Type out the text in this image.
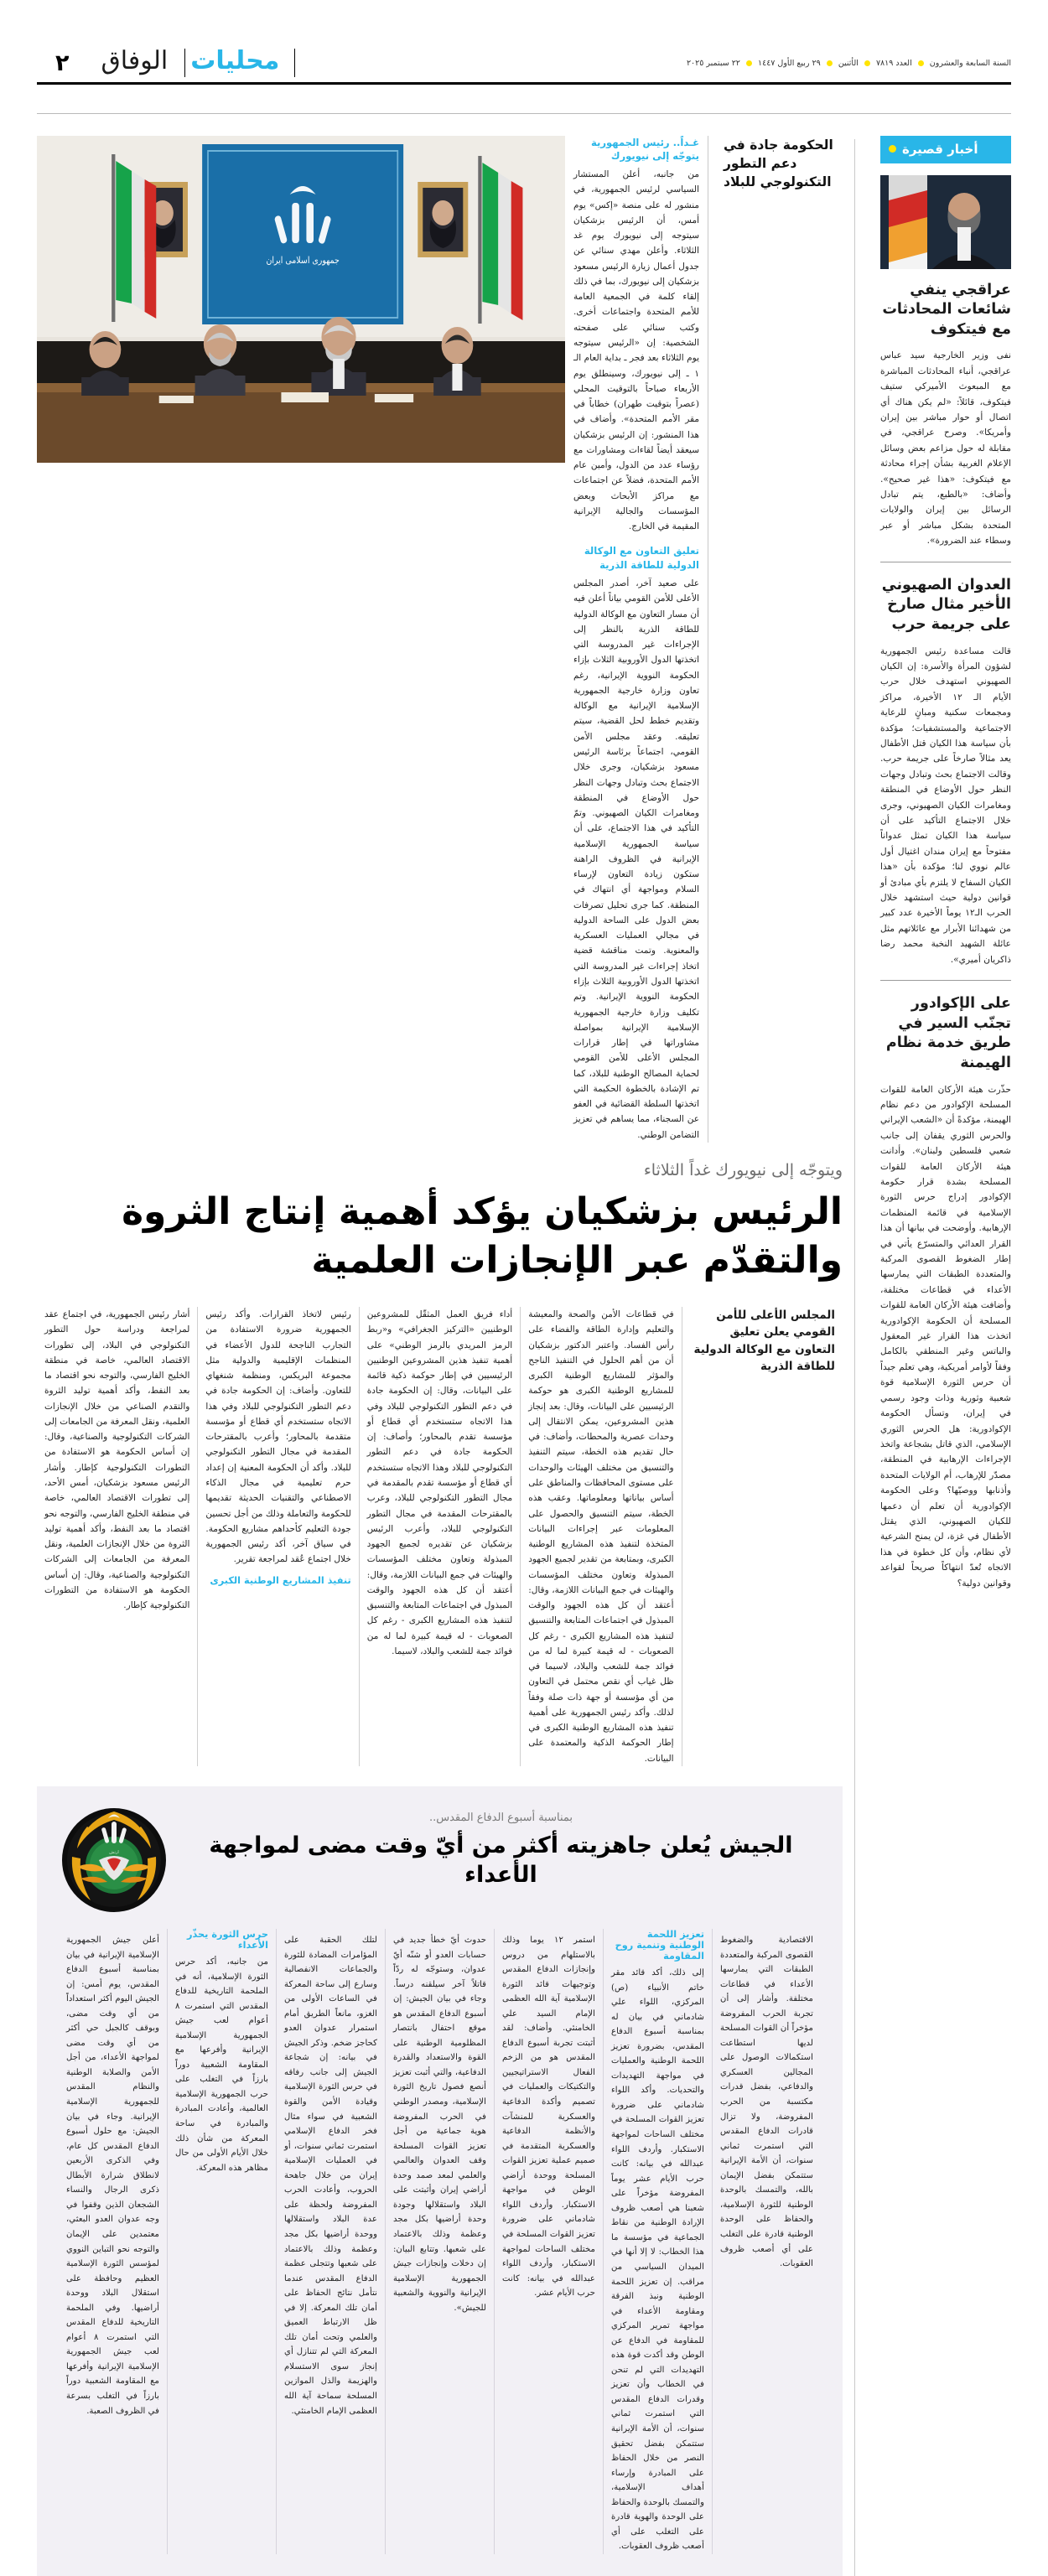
السنة السابعة والعشرون  العدد ٧٨١٩  الأثنين  ٢٩ ربيع الأول ١٤٤٧  ٢٢ سبتمبر ٢٠٢٥
محليات
الوفاق
٢
أخبار قصيرة
عراقجي ينفي شائعات المحادثات مع فيتكوف
نفى وزير الخارجية سيد عباس عراقجي، أنباء المحادثات المباشرة مع المبعوث الأميركي ستيف فيتكوف، قائلاً: «لم يكن هناك أي اتصال أو حوار مباشر بين إيران وأمريكا». وصرح عراقجي، في مقابلة له حول مزاعم بعض وسائل الإعلام الغربية بشأن إجراء محادثة مع فيتكوف: «هذا غير صحيح». وأضاف: «بالطبع، يتم تبادل الرسائل بين إيران والولايات المتحدة بشكل مباشر أو عبر وسطاء عند الضرورة».
العدوان الصهيوني الأخير مثال صارخ على جريمة حرب
قالت مساعدة رئيس الجمهورية لشؤون المرأة والأسرة: إن الكيان الصهيوني استهدف خلال حرب الأيام الـ ١٢ الأخيرة، مراكز ومجمعات سكنية ومبانٍ للرعاية الاجتماعية والمستشفيات؛ مؤكدة بأن سياسة هذا الكيان قتل الأطفال يعد مثالاً صارخاً على جريمة حرب. وقالت الاجتماع بحث وتبادل وجهات النظر حول الأوضاع في المنطقة ومغامرات الكيان الصهيوني، وجرى خلال الاجتماع التأكيد على أن سياسة هذا الكيان تمثل عدواناً مفتوحاً مع إيران مندان اغتيال أول عالم نووي لنا؛ مؤكدة بأن «هذا الكيان السفاح لا يلتزم بأي مبادئ أو قوانين دولية حيث استشهد خلال الحرب الـ١٢ يوماً الأخيرة عدد كبير من شهدائنا الأبرار مع عائلاتهم مثل عائلة الشهيد النخبة محمد رضا ذاكريان أميري».
على الإكوادور تجنّب السير في طريق خدمة نظام الهيمنة
حذّرت هيئة الأركان العامة للقوات المسلحة الإكوادور من دعم نظام الهيمنة، مؤكدةً أن «الشعب الإيراني والحرس الثوري يقفان إلى جانب شعبي فلسطين ولبنان». وأدانت هيئة الأركان العامة للقوات المسلحة بشدة قرار حكومة الإكوادور إدراج حرس الثورة الإسلامية في قائمة المنظمات الإرهابية. وأوضحت في بيانها أن هذا القرار العدائي والمتسرّع يأتي في إطار الضغوط القصوى المركبة والمتعددة الطبقات التي يمارسها الأعداء في قطاعات مختلفة، وأضافت هيئة الأركان العامة للقوات المسلحة أن الحكومة الإكوادورية اتخذت هذا القرار غير المعقول والباتس وغير المنطقي بالكامل وفقاً لأوامر أمريكية، وهي تعلم جيداً أن حرس الثورة الإسلامية قوة شعبية وثورية وذات وجود رسمي في إيران، وتسأل الحكومة الإكوادورية: هل الحرس الثوري الإسلامي، الذي قاتل بشجاعة واتخذ الإجراءات الإرهابية في المنطقة، مصدّر للإرهاب، أم الولايات المتحدة وأذنابها ووصيّها؟ وعلى الحكومة الإكوادورية أن تعلم أن دعمها للكيان الصهيوني، الذي يقتل الأطفال في غزة، لن يمنح الشرعية لأي نظام، وأن كل خطوة في هذا الاتجاه تُعدّ انتهاكاً صريحاً لقواعد وقوانين دولية؟
الحكومة جادة في دعم التطور التكنولوجي للبلاد
غـداً.. رئيس الجمهورية يتوجّه إلى نيويورك
من جانبه، أعلن المستشار السياسي لرئيس الجمهورية، في منشور له على منصة «إكس» يوم أمس، أن الرئيس بزشكيان سيتوجه إلى نيويورك يوم غد الثلاثاء. وأعلن مهدي سنائي عن جدول أعمال زيارة الرئيس مسعود بزشكيان إلى نيويورك، بما في ذلك إلقاء كلمة في الجمعية العامة للأمم المتحدة واجتماعات أخرى. وكتب سنائي على صفحته الشخصية: إن «الرئيس سيتوجه يوم الثلاثاء بعد فجر ـ بداية العام الـ ١ ـ إلى نيويورك، وسينطلق يوم الأربعاء صباحاً بالتوقيت المحلي (عصراً بتوقيت طهران) خطاباً في مقر الأمم المتحدة». وأضاف في هذا المنشور: إن الرئيس بزشكيان سيعقد أيضاً لقاءات ومشاورات مع رؤساء عدد من الدول، وأمين عام الأمم المتحدة، فضلاً عن اجتماعات مع مراكز الأبحاث وبعض المؤسسات والجالية الإيرانية المقيمة في الخارج.
تعليق التعاون مع الوكالة الدولية للطاقة الذرية
على صعيد آخر، أصدر المجلس الأعلى للأمن القومي بياناً أعلن فيه أن مسار التعاون مع الوكالة الدولية للطاقة الذرية بالنظر إلى الإجراءات غير المدروسة التي اتخذتها الدول الأوروبية الثلاث بإزاء الحكومة النووية الإيرانية، رغم تعاون وزارة خارجية الجمهورية الإسلامية الإيرانية مع الوكالة وتقديم خطط لحل القضية، سيتم تعليقه. وعقد مجلس الأمن القومي، اجتماعاً برئاسة الرئيس مسعود بزشكيان، وجرى خلال الاجتماع بحث وتبادل وجهات النظر حول الأوضاع في المنطقة ومغامرات الكيان الصهيوني. وتمّ التأكيد في هذا الاجتماع، على أن سياسة الجمهورية الإسلامية الإيرانية في الظروف الراهنة ستكون زيادة التعاون لإرساء السلام ومواجهة أي انتهاك في المنطقة. كما جرى تحليل تصرفات بعض الدول على الساحة الدولية في مجالي العمليات العسكرية والمعنوية. وتمت مناقشة قضية اتخاذ إجراءات غير المدروسة التي اتخذتها الدول الأوروبية الثلاث بإزاء الحكومة النووية الإيرانية. وتم تكليف وزارة خارجية الجمهورية الإسلامية الإيرانية بمواصلة مشاوراتها في إطار قرارات المجلس الأعلى للأمن القومي لحماية المصالح الوطنية للبلاد، كما تم الإشادة بالخطوة الحكيمة التي اتخذتها السلطة القضائية في العفو عن السجناء، مما يساهم في تعزيز التضامن الوطني.
جمهوری اسلامی ایران
ويتوجّه إلى نيويورك غداً الثلاثاء
الرئيس بزشكيان يؤكد أهمية إنتاج الثروة والتقدّم عبر الإنجازات العلمية
المجلس الأعلى للأمن القومي يعلن تعليق التعاون مع الوكالة الدولية للطاقة الذرية
في قطاعات الأمن والصحة والمعيشة والتعليم وإدارة الطاقة والفضاء على رأس الفساد. واعتبر الدكتور بزشكيان أن من أهم الحلول في التنفيذ الناجح والمؤثر للمشاريع الوطنية الكبرى للمشاريع الوطنية الكبرى هو حوكمة الرئيسيين على البيانات، وقال: بعد إنجاز هذين المشروعين، يمكن الانتقال إلى وحدات عصرية والمحطات، وأضاف: في حال تقديم هذه الخطة، سيتم التنفيذ والتنسيق من مختلف الهيئات والوحدات على مستوى المحافظات والمناطق على أساس بياناتها ومعلوماتها. وعقب هذه الخطة، سيتم التنسيق والحصول على المعلومات عبر إجراءات البيانات المتخذة لتنفيذ هذه المشاريع الوطنية الكبرى، وبمتابعة من تقدير لجميع الجهود المبذولة وتعاون مختلف المؤسسات والهيئات في جمع البيانات اللازمة، وقال: أعتقد أن كل هذه الجهود والوقت المبذول في اجتماعات المتابعة والتنسيق لتنفيذ هذه المشاريع الكبرى - رغم كل الصعوبات - له قيمة كبيرة لما له من فوائد جمة للشعب والبلاد، لاسيما في ظل غياب أي نقص محتمل في التعاون من أي مؤسسة أو جهة ذات صلة وفقاً لذلك. وأكد رئيس الجمهورية على أهمية تنفيذ هذه المشاريع الوطنية الكبرى في إطار الحوكمة الذكية والمعتمدة على البيانات.
أداء فريق العمل المثقّل للمشروعين الوطنيين «التركيز الجغرافي» و«ربط الرمز المريدي بالرمز الوطني» على أهمية تنفيذ هذين المشروعين الوطنيين الرئيسيين في إطار حوكمة ذكية قائمة على البيانات، وقال: إن الحكومة جادة في دعم التطور التكنولوجي للبلاد وفي هذا الاتجاه ستستخدم أي قطاع أو مؤسسة تقدم بالمحاور؛ وأصاف: إن الحكومة جادة في دعم التطور التكنولوجي للبلاد وهذا الاتجاه ستستخدم أي قطاع أو مؤسسة تقدم بالمقدمة في مجال التطور التكنولوجي للبلاد، وعرب بالمقترحات المقدمة في مجال التطور التكنولوجي للبلاد، وأعرب الرئيس بزشكيان عن تقديره لجميع الجهود المبذولة وتعاون مختلف المؤسسات والهيئات في جمع البيانات اللازمة، وقال: أعتقد أن كل هذه الجهود والوقت المبذول في اجتماعات المتابعة والتنسيق لتنفيذ هذه المشاريع الكبرى - رغم كل الصعوبات - له قيمة كبيرة لما له من فوائد جمة للشعب والبلاد، لاسيما.
رئيس لاتخاذ القرارات. وأكد رئيس الجمهورية ضرورة الاستفادة من التجارب الناجحة للدول الأعضاء في المنظمات الإقليمية والدولية مثل مجموعة البريكس، ومنظمة شنغهاي للتعاون. وأضاف: إن الحكومة جادة في دعم التطور التكنولوجي للبلاد وفي هذا الاتجاه ستستخدم أي قطاع أو مؤسسة متقدمة بالمحاور؛ وأعرب بالمقترحات المقدمة في مجال التطور التكنولوجي للبلاد. وأكد أن الحكومة المعنية إن إعداد حرم تعليمية في مجال الذكاء الاصطناعي والتقنيات الحديثة تقديمها للحكومة والتعاملة وذلك من أجل تحسين جودة التعليم كأحداهم مشاريع الحكومة. في سياق آخر، أكد رئيس الجمهورية خلال اجتماع عُقد لمراجعة تقرير.
تنفيذ المشاريع الوطنية الكبرى
أشار رئيس الجمهورية، في اجتماع عقد لمراجعة ودراسة حول التطور التكنولوجي في البلاد، إلى تطورات الاقتصاد العالمي، خاصة في منطقة الخليج الفارسي، والتوجه نحو اقتصاد ما بعد النفط، وأكد أهمية توليد الثروة والتقدم الصناعي من خلال الإنجازات العلمية، ونقل المعرفة من الجامعات إلى الشركات التكنولوجية والصناعية، وقال: إن أساس الحكومة هو الاستفادة من التطورات التكنولوجية كإطار. وأشار الرئيس مسعود بزشكيان، أمس الأحد، إلى تطورات الاقتصاد العالمي، خاصة في منطقة الخليج الفارسي، والتوجه نحو اقتصاد ما بعد النفط، وأكد أهمية توليد الثروة من خلال الإنجازات العلمية، ونقل المعرفة من الجامعات إلى الشركات التكنولوجية والصناعية، وقال: إن أساس الحكومة هو الاستفادة من التطورات التكنولوجية كإطار.
بمناسبة أسبوع الدفاع المقدس..
الجيش يُعلن جاهزيته أكثر من أيّ وقت مضى لمواجهة الأعداء
ارتش
الاقتصادية والضغوط القصوى المركبة والمتعددة الطبقات التي يمارسها الأعداء في قطاعات مختلفة. وأشار إلى أن تجربة الحرب المفروضة مؤخراً أن القوات المسلحة لديها استطاعت استكمالات الوصول على المجالين العسكري والدفاعي، بفضل قدرات مكتسبة من الحرب المفروضة، ولا تزال قادرات الدفاع المقدس التي استمرت ثماني سنوات، أن الأمة الإيرانية ستتمكن بفضل الإيمان بالله، والتمسك بالوحدة الوطنية للثورة الإسلامية، والحفاظ على الوحدة الوطنية قادرة على التغلب على أي أصعب ظروف العقوبات.
تعزيز اللحمة الوطنية وتنمية روح المقاومة
إلى ذلك، أكد قائد مقر خاتم الأنبياء (ص) المركزي، اللواء علي شادماني في بيان له بمناسبة أسبوع الدفاع المقدس، بضرورة تعزيز اللحمة الوطنية والعمليات في مواجهة التهديدات والتحديات. وأكد اللواء شادماني على ضرورة تعزيز القوات المسلحة في مختلف الساحات لمواجهة الاستكبار. وأردف اللواء عبدالله في بيانه: كانت حرب الأيام عشر يوماً المفروضة مؤخراً على شعبنا هي أصعب ظروف الإرادة الوطنية من نقاط الجماعية في مؤسسة ما هذا الخطاب: لا إلا أنها في الميدان السياسي من مراقب. إن تعزيز اللحمة الوطنية ونبذ الفرقة ومقاومة الأعداء في مواجهة تمرير المركزي للمقاومة في الدفاع عن الوطن وقد أكدت قوة هذه التهديدات التي لم تنحن في الخطاب وأن تعزيز وقدرات الدفاع المقدس التي استمرت ثماني سنوات، أن الأمة الإيرانية ستتمكن بفضل تحقيق النصر من خلال الحفاظ على المبادرة وإرساء أهداف الإسلامية، والتمسك بالوحدة والحفاظ على الوحدة والهوية قادرة على التغلب على أي أصعب ظروف العقوبات.
استمر ١٢ يوما وذلك بالاستلهام من دروس وإنجازات الدفاع المقدس وتوجيهات قائد الثورة الإسلامية آية الله العظمى الإمام السيد علي الخامنئي. وأضاف: لقد أثبتت تجربة أسبوع الدفاع المقدس هو من الزخم الفعال الاستراتيجيين والتكتيكات والعمليات في تصميم وأكدة الدفاعية والعسكرية للمنشآت والأنظمة الدفاعية والعسكرية المتقدمة في صميم عملية تعزيز القوات المسلحة ووحدة أراضي الوطن في مواجهة الاستكبار. وأردف اللواء شادماني على ضرورة تعزيز القوات المسلحة في مختلف الساحات لمواجهة الاستكبار، وأردف اللواء عبدالله في بيانه: كانت حرب الأيام عشر.
حدوث أيّ خطأ جديد في حسابات العدو أو شنّه أيّ عدوان، وستوجّه له ردّاً قاتلاً آخر سيلقنه درساً. وجاء في بيان الجيش: إن أسبوع الدفاع المقدس هو موقع احتفال بانتصار المظلومية الوطنية على القوة والاستعداد والقدرة الدفاعية، والتي أثبت تعزيز أنصع فصول تاريخ الثورة الإسلامية، ومصدر الوطني في الحرب المفروضة هوية جماعية من أجل تعزيز القوات المسلحة وقف العدوان والعالمي والعلمي لمعد صمد وحدة أراضي إيران وأثبتت على البلاد واستقلالها وجودة وحدة أراضيها بكل مجد وعظمة وذلك بالاعتماد على شعبها. وتتابع البيان: إن دخلات وإنجازات جيش الجمهورية الإسلامية الإيرانية والنووية والشعبية للجيش».
لتلك الحقبة على المؤامرات المضادة للثورة والجماعات الانفصالية وسارع إلى ساحة المعركة في الساعات الأولى من الغزو، مانعاً الطريق أمام استمرار عدوان العدو كحاجز ضخم. وذكر الجيش في بيانه: إن شجاعة الجيش إلى جانب رفاقه في حرس الثورة الإسلامية وقيادة الأمن والقوة الشعبية في سواء مثال فخر الدفاع الإسلامي استمرت ثماني سنوات، أو في العمليات الإسلامية إيران من خلال جاهحة الحروب، وأعادت الحرب المفروضة ولحظة على عدة البلاد واستقلالها ووحدة أراضيها بكل مجد وعظمة وذلك بالاعتماد على شعبها وتتجلى عظمة الدفاع المقدس عندما نتأمل نتائج الحفاظ على أمان تلك المعركة. إلا في ظل الارتباط العميق والعلمي وتحت أمان تلك المعركة التي لم تتنازل أي إنجاز سوى الاستسلام والهزيمة والذل الموازين المسلحة سماحة آية الله العظمى الإمام الخامنئي.
حرس الثورة يحذّر الأعداء
من جانبه، أكد حرس الثورة الإسلامية، أنه في الملحمة التاريخية للدفاع المقدس التي استمرت ٨ أعوام لعب جيش الجمهورية الإسلامية الإيرانية وأفرعها مع المقاومة الشعبية دوراً بارزاً في التغلب على حرب الجمهورية الإسلامية العالمية، وأعادت المبادرة والمبادرة في ساحة المعركة من شأن ذلك خلال الأيام الأولى من حال مظاهر هذه المعركة.
أعلن جيش الجمهورية الإسلامية الإيرانية في بيان بمناسبة أسبوع الدفاع المقدس، يوم أمس: إن الجيش اليوم أكثر استعداداً من أي وقت مضى، وبوقف كالجبل حي أكثر من أي وقت مضى لمواجهة الأعداء، من أجل الأمن والصلابة الوطنية والنظام المقدس للجمهورية الإسلامية الإيرانية. وجاء في بيان الجيش: مع حلول أسبوع الدفاع المقدس كل عام، وفي الذكرى الأربعين لانطلاق شرارة الأبطال ذكرى الرجال والنساء الشجعان الذين وقفوا في وجه عدوان العدو البعثي، معتمدين على الإيمان والتوجه نحو التباين النووي لمؤسس الثورة الإسلامية العظيم وحافظة على استقلال البلاد ووحدة أراضيها. وفي الملحمة التاريخية للدفاع المقدس التي استمرت ٨ أعوام لعب جيش الجمهورية الإسلامية الإيرانية وأفرعها مع المقاومة الشعبية دوراً بارزاً في التغلب بسرعة في الظروف الصعبة.
